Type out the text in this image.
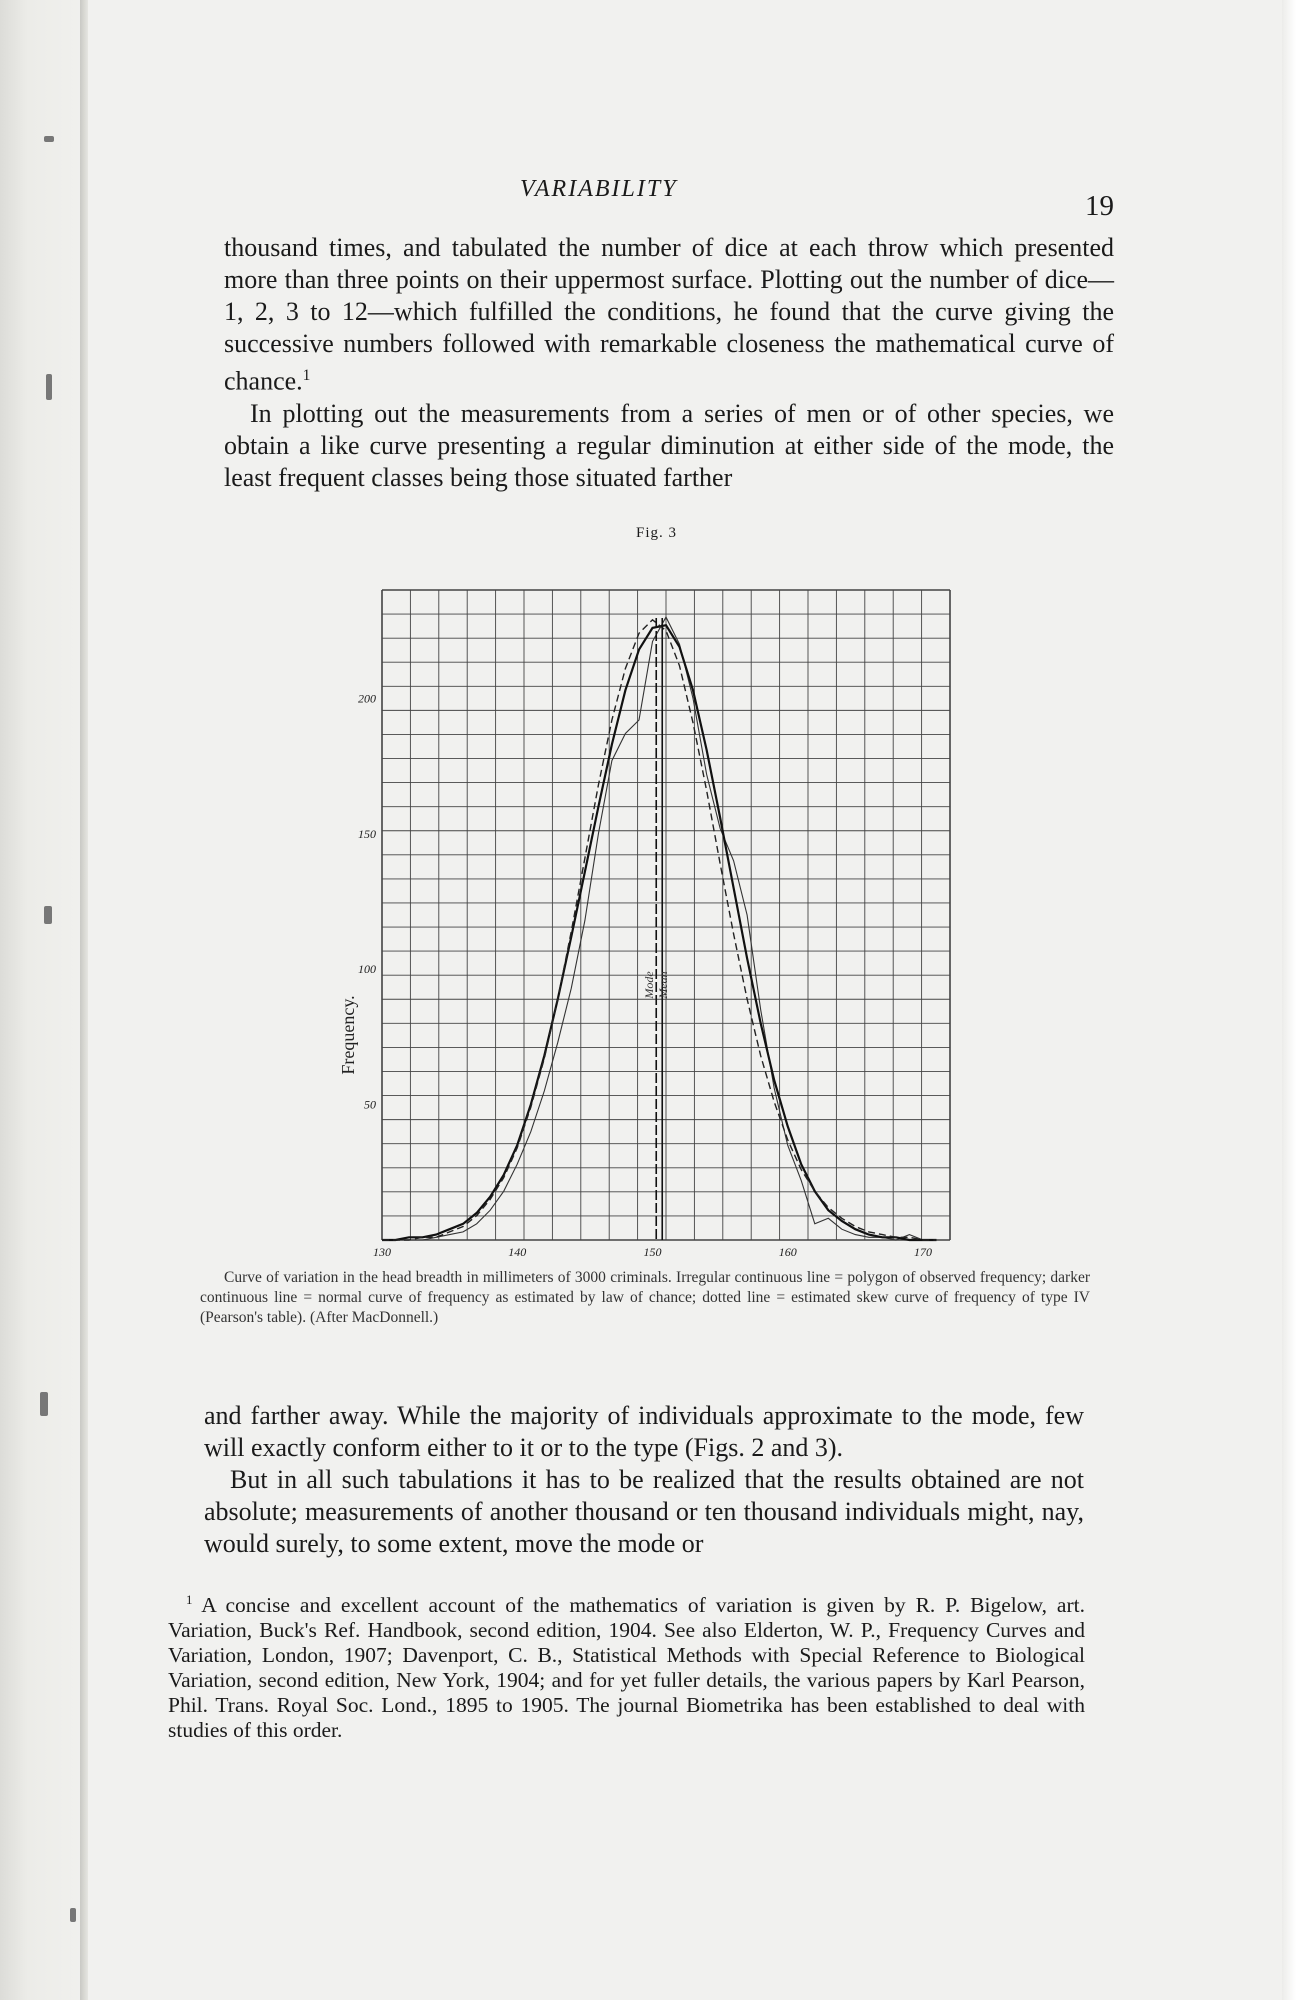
VARIABILITY
19

thousand times, and tabulated the number of dice at each throw which presented more than three points on their uppermost surface. Plotting out the number of dice—1, 2, 3 to 12—which fulfilled the conditions, he found that the curve giving the successive numbers followed with remarkable closeness the mathematical curve of chance.$^1$

In plotting out the measurements from a series of men or of other species, we obtain a like curve presenting a regular diminution at either side of the mode, the least frequent classes being those situated farther

Fig. 3
Mode Mean
130	140	150	160	170
50
100
150
200
Frequency.

Curve of variation in the head breadth in millimeters of 3000 criminals. Irregular continuous line = polygon of observed frequency; darker continuous line = normal curve of frequency as estimated by law of chance; dotted line = estimated skew curve of frequency of type IV (Pearson's table). (After MacDonnell.)

and farther away. While the majority of individuals approximate to the mode, few will exactly conform either to it or to the type (Figs. 2 and 3).

But in all such tabulations it has to be realized that the results obtained are not absolute; measurements of another thousand or ten thousand individuals might, nay, would surely, to some extent, move the mode or

$^1$ A concise and excellent account of the mathematics of variation is given by R. P. Bigelow, art. Variation, Buck's Ref. Handbook, second edition, 1904. See also Elderton, W. P., Frequency Curves and Variation, London, 1907; Davenport, C. B., Statistical Methods with Special Reference to Biological Variation, second edition, New York, 1904; and for yet fuller details, the various papers by Karl Pearson, Phil. Trans. Royal Soc. Lond., 1895 to 1905. The journal Biometrika has been established to deal with studies of this order.
